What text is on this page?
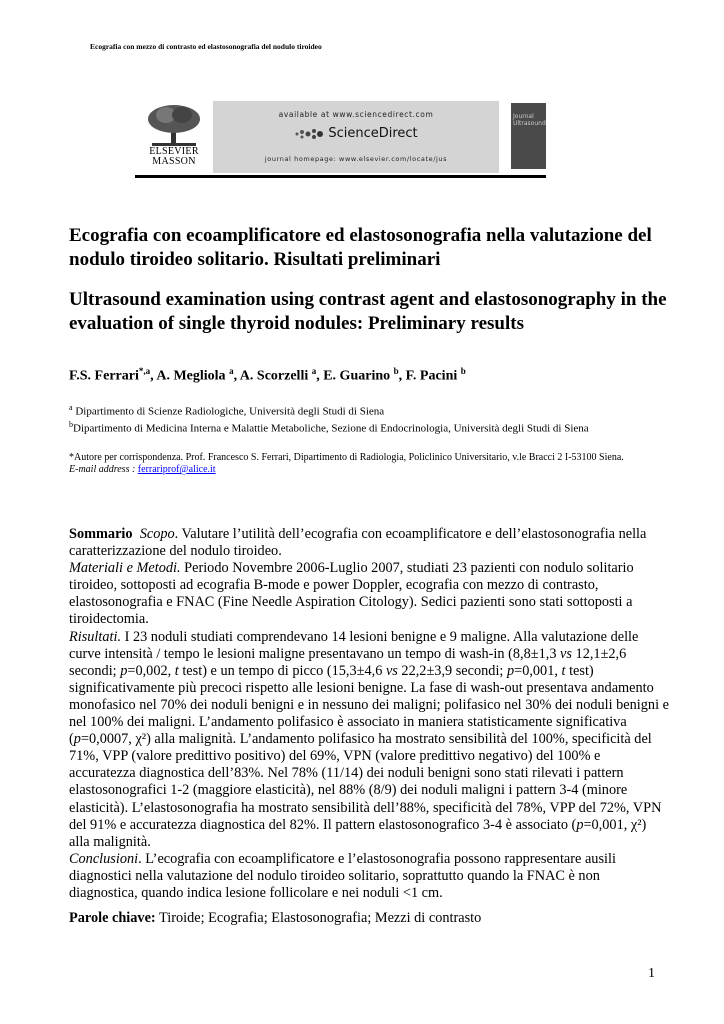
Ecografia con mezzo di contrasto ed elastosonografia del nodulo tiroideo
ELSEVIER
MASSON
available at www.sciencedirect.com
ScienceDirect
journal homepage: www.elsevier.com/locate/jus
Journal Ultrasound
Ecografia con ecoamplificatore ed elastosonografia nella valutazione del nodulo tiroideo solitario. Risultati preliminari
Ultrasound examination using contrast agent and elastosonography in the evaluation of single thyroid nodules: Preliminary results
F.S. Ferrari$^{*,a}$, A. Megliola $^a$, A. Scorzelli $^a$, E. Guarino $^b$, F. Pacini $^b$
$^a$ Dipartimento di Scienze Radiologiche, Università degli Studi di Siena
$^b$Dipartimento di Medicina Interna e Malattie Metaboliche, Sezione di Endocrinologia, Università degli Studi di Siena
*Autore per corrispondenza. Prof. Francesco S. Ferrari, Dipartimento di Radiologia, Policlinico Universitario, v.le Bracci 2 I-53100 Siena.
E-mail address : ferrariprof@alice.it

Sommario Scopo. Valutare l’utilità dell’ecografia con ecoamplificatore e dell’elastosonografia nella caratterizzazione del nodulo tiroideo.

Materiali e Metodi. Periodo Novembre 2006-Luglio 2007, studiati 23 pazienti con nodulo solitario tiroideo, sottoposti ad ecografia B-mode e power Doppler, ecografia con mezzo di contrasto, elastosonografia e FNAC (Fine Needle Aspiration Citology). Sedici pazienti sono stati sottoposti a tiroidectomia.

Risultati. I 23 noduli studiati comprendevano 14 lesioni benigne e 9 maligne. Alla valutazione delle curve intensità / tempo le lesioni maligne presentavano un tempo di wash-in (8,8±1,3 vs 12,1±2,6 secondi; p=0,002, t test) e un tempo di picco (15,3±4,6 vs 22,2±3,9 secondi; p=0,001, t test) significativamente più precoci rispetto alle lesioni benigne. La fase di wash-out presentava andamento monofasico nel 70% dei noduli benigni e in nessuno dei maligni; polifasico nel 30% dei noduli benigni e nel 100% dei maligni. L’andamento polifasico è associato in maniera statisticamente significativa (p=0,0007, χ²) alla malignità. L’andamento polifasico ha mostrato sensibilità del 100%, specificità del 71%, VPP (valore predittivo positivo) del 69%, VPN (valore predittivo negativo) del 100% e accuratezza diagnostica dell’83%. Nel 78% (11/14) dei noduli benigni sono stati rilevati i pattern elastosonografici 1-2 (maggiore elasticità), nel 88% (8/9) dei noduli maligni i pattern 3-4 (minore elasticità). L’elastosonografia ha mostrato sensibilità dell’88%, specificità del 78%, VPP del 72%, VPN del 91% e accuratezza diagnostica del 82%. Il pattern elastosonografico 3-4 è associato (p=0,001, χ²) alla malignità.

Conclusioni. L’ecografia con ecoamplificatore e l’elastosonografia possono rappresentare ausili diagnostici nella valutazione del nodulo tiroideo solitario, soprattutto quando la FNAC è non diagnostica, quando indica lesione follicolare e nei noduli <1 cm.

Parole chiave: Tiroide; Ecografia; Elastosonografia; Mezzi di contrasto
1
